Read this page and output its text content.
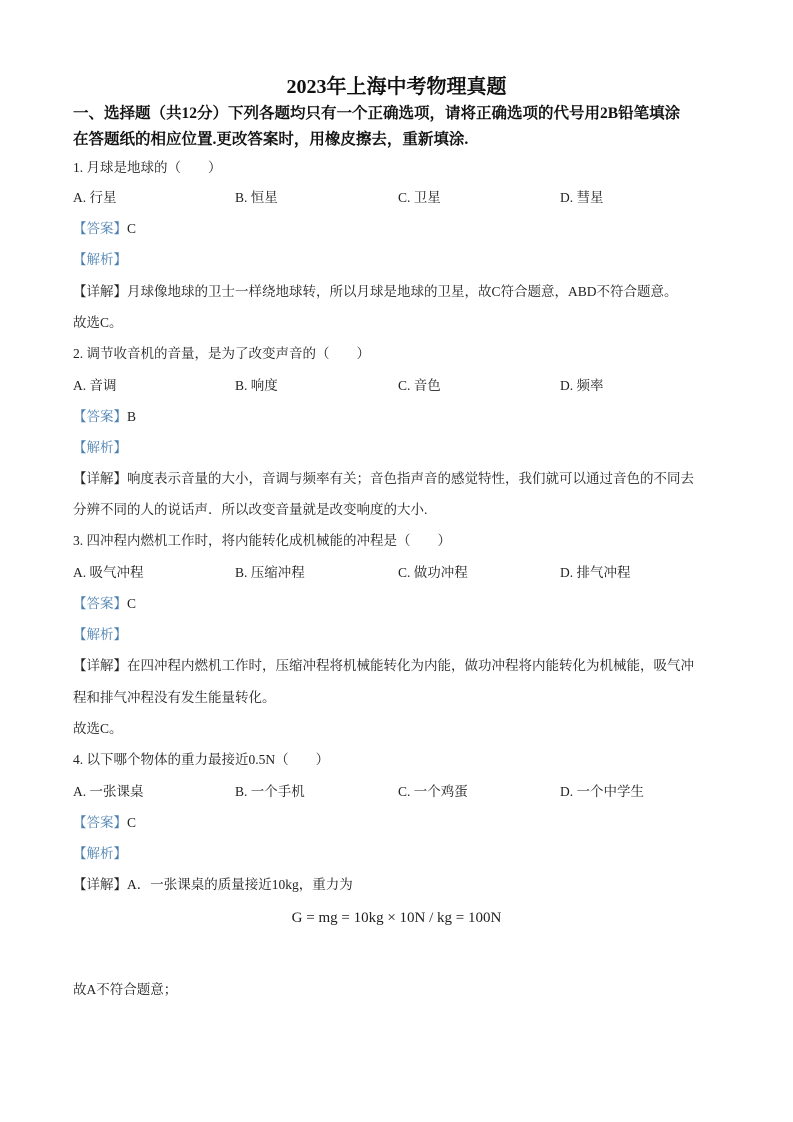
2023年上海中考物理真题
一、选择题（共12分）下列各题均只有一个正确选项，请将正确选项的代号用2B铅笔填涂
在答题纸的相应位置.更改答案时，用橡皮擦去，重新填涂.
1. 月球是地球的（　　）
A. 行星	B. 恒星	C. 卫星	D. 彗星
【答案】C
【解析】
【详解】月球像地球的卫士一样绕地球转，所以月球是地球的卫星，故C符合题意，ABD不符合题意。
故选C。
2. 调节收音机的音量，是为了改变声音的（　　）
A. 音调	B. 响度	C. 音色	D. 频率
【答案】B
【解析】
【详解】响度表示音量的大小，音调与频率有关；音色指声音的感觉特性，我们就可以通过音色的不同去
分辨不同的人的说话声．所以改变音量就是改变响度的大小.
3. 四冲程内燃机工作时，将内能转化成机械能的冲程是（　　）
A. 吸气冲程	B. 压缩冲程	C. 做功冲程	D. 排气冲程
【答案】C
【解析】
【详解】在四冲程内燃机工作时，压缩冲程将机械能转化为内能，做功冲程将内能转化为机械能，吸气冲
程和排气冲程没有发生能量转化。
故选C。
4. 以下哪个物体的重力最接近0.5N（　　）
A. 一张课桌	B. 一个手机	C. 一个鸡蛋	D. 一个中学生
【答案】C
【解析】
【详解】A．一张课桌的质量接近10kg，重力为
G = mg = 10kg × 10N / kg = 100N
故A不符合题意；
